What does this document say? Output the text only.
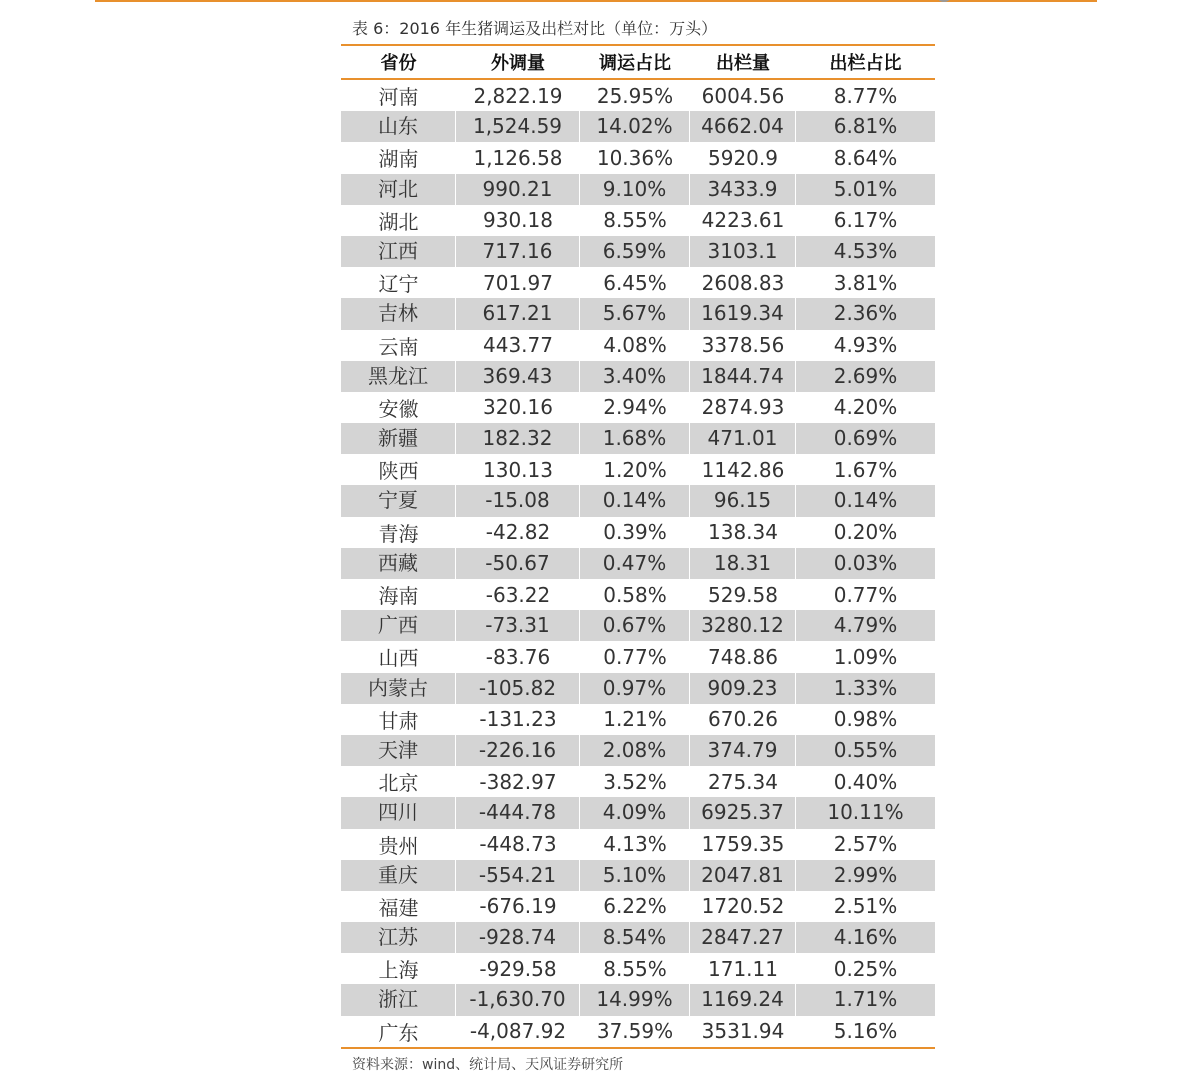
表 6：2016 年生猪调运及出栏对比（单位：万头）
省份	外调量	调运占比	出栏量	出栏占比
河南	2,822.19	25.95%	6004.56	8.77%
山东	1,524.59	14.02%	4662.04	6.81%
湖南	1,126.58	10.36%	5920.9	8.64%
河北	990.21	9.10%	3433.9	5.01%
湖北	930.18	8.55%	4223.61	6.17%
江西	717.16	6.59%	3103.1	4.53%
辽宁	701.97	6.45%	2608.83	3.81%
吉林	617.21	5.67%	1619.34	2.36%
云南	443.77	4.08%	3378.56	4.93%
黑龙江	369.43	3.40%	1844.74	2.69%
安徽	320.16	2.94%	2874.93	4.20%
新疆	182.32	1.68%	471.01	0.69%
陕西	130.13	1.20%	1142.86	1.67%
宁夏	-15.08	0.14%	96.15	0.14%
青海	-42.82	0.39%	138.34	0.20%
西藏	-50.67	0.47%	18.31	0.03%
海南	-63.22	0.58%	529.58	0.77%
广西	-73.31	0.67%	3280.12	4.79%
山西	-83.76	0.77%	748.86	1.09%
内蒙古	-105.82	0.97%	909.23	1.33%
甘肃	-131.23	1.21%	670.26	0.98%
天津	-226.16	2.08%	374.79	0.55%
北京	-382.97	3.52%	275.34	0.40%
四川	-444.78	4.09%	6925.37	10.11%
贵州	-448.73	4.13%	1759.35	2.57%
重庆	-554.21	5.10%	2047.81	2.99%
福建	-676.19	6.22%	1720.52	2.51%
江苏	-928.74	8.54%	2847.27	4.16%
上海	-929.58	8.55%	171.11	0.25%
浙江	-1,630.70	14.99%	1169.24	1.71%
广东	-4,087.92	37.59%	3531.94	5.16%
资料来源：wind、统计局、天风证券研究所
